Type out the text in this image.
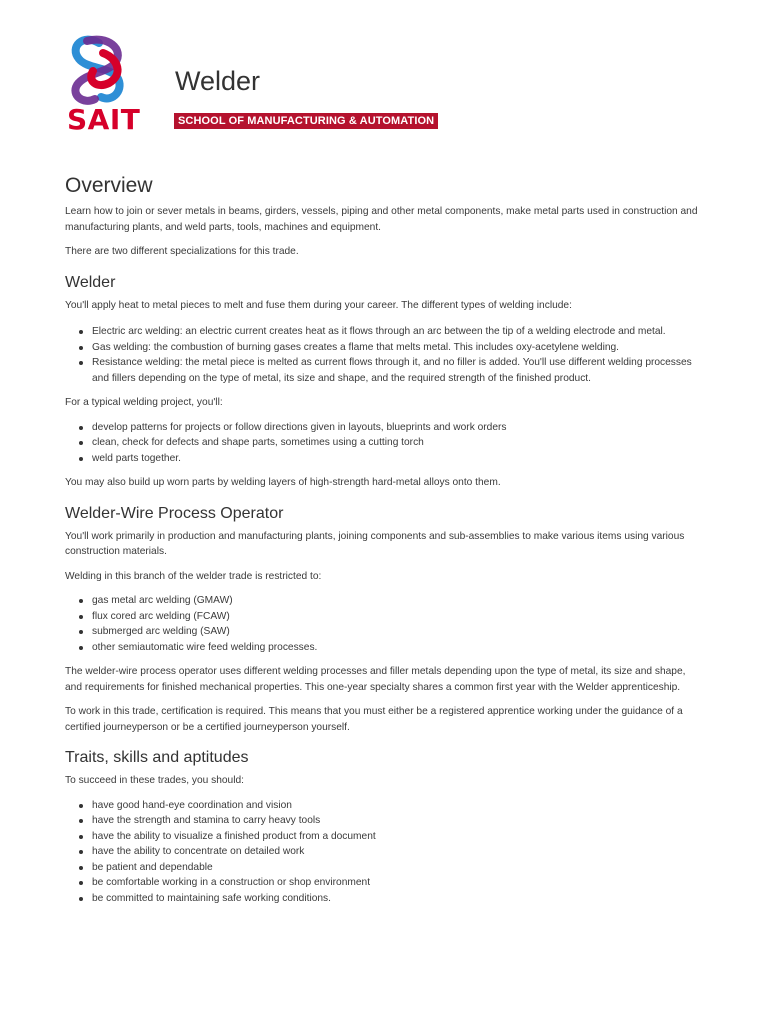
SAIT
Welder
SCHOOL OF MANUFACTURING & AUTOMATION
Overview

Learn how to join or sever metals in beams, girders, vessels, piping and other metal components, make metal parts used in construction and manufacturing plants, and weld parts, tools, machines and equipment.

There are two different specializations for this trade.

Welder

You'll apply heat to metal pieces to melt and fuse them during your career. The different types of welding include:

Electric arc welding: an electric current creates heat as it flows through an arc between the tip of a welding electrode and metal.
Gas welding: the combustion of burning gases creates a flame that melts metal. This includes oxy-acetylene welding.
Resistance welding: the metal piece is melted as current flows through it, and no filler is added. You'll use different welding processes and fillers depending on the type of metal, its size and shape, and the required strength of the finished product.

For a typical welding project, you'll:

develop patterns for projects or follow directions given in layouts, blueprints and work orders
clean, check for defects and shape parts, sometimes using a cutting torch
weld parts together.

You may also build up worn parts by welding layers of high-strength hard-metal alloys onto them.

Welder-Wire Process Operator

You'll work primarily in production and manufacturing plants, joining components and sub-assemblies to make various items using various construction materials.

Welding in this branch of the welder trade is restricted to:

gas metal arc welding (GMAW)
flux cored arc welding (FCAW)
submerged arc welding (SAW)
other semiautomatic wire feed welding processes.

The welder-wire process operator uses different welding processes and filler metals depending upon the type of metal, its size and shape, and requirements for finished mechanical properties. This one-year specialty shares a common first year with the Welder apprenticeship.

To work in this trade, certification is required. This means that you must either be a registered apprentice working under the guidance of a certified journeyperson or be a certified journeyperson yourself.

Traits, skills and aptitudes

To succeed in these trades, you should:

have good hand-eye coordination and vision
have the strength and stamina to carry heavy tools
have the ability to visualize a finished product from a document
have the ability to concentrate on detailed work
be patient and dependable
be comfortable working in a construction or shop environment
be committed to maintaining safe working conditions.
